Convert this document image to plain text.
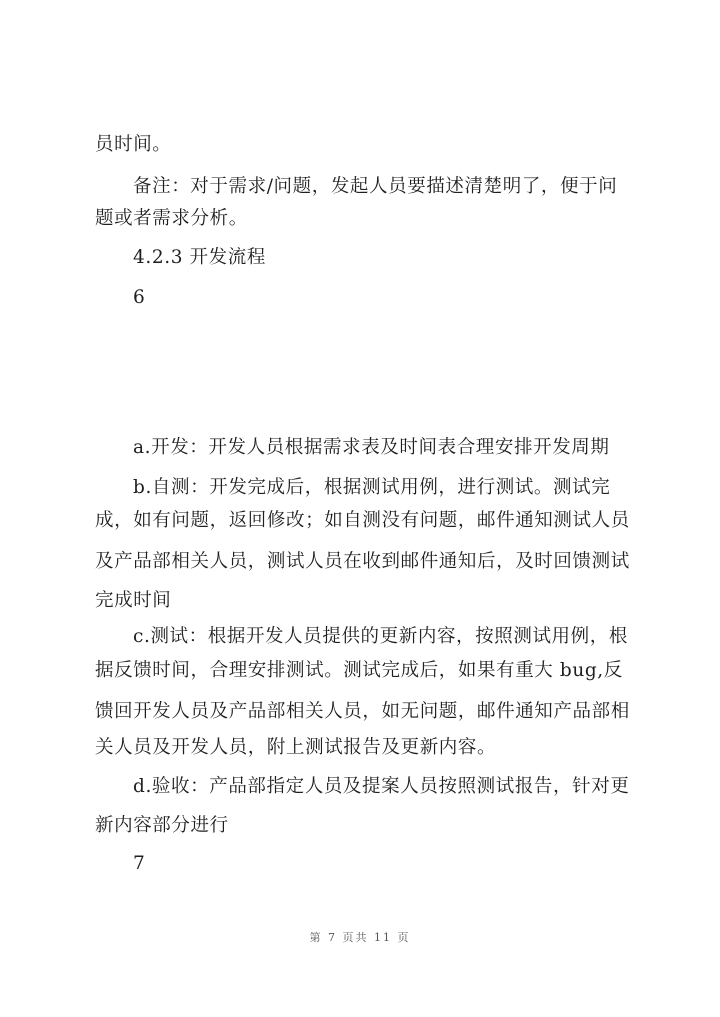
员时间。
备注：对于需求/问题，发起人员要描述清楚明了，便于问
题或者需求分析。
4.2.3 开发流程
6
a.开发：开发人员根据需求表及时间表合理安排开发周期
b.自测：开发完成后，根据测试用例，进行测试。测试完
成，如有问题，返回修改；如自测没有问题，邮件通知测试人员
及产品部相关人员，测试人员在收到邮件通知后，及时回馈测试
完成时间
c.测试：根据开发人员提供的更新内容，按照测试用例，根
据反馈时间，合理安排测试。测试完成后，如果有重大 bug,反
馈回开发人员及产品部相关人员，如无问题，邮件通知产品部相
关人员及开发人员，附上测试报告及更新内容。
d.验收：产品部指定人员及提案人员按照测试报告，针对更
新内容部分进行
7
第 7 页共 11 页
